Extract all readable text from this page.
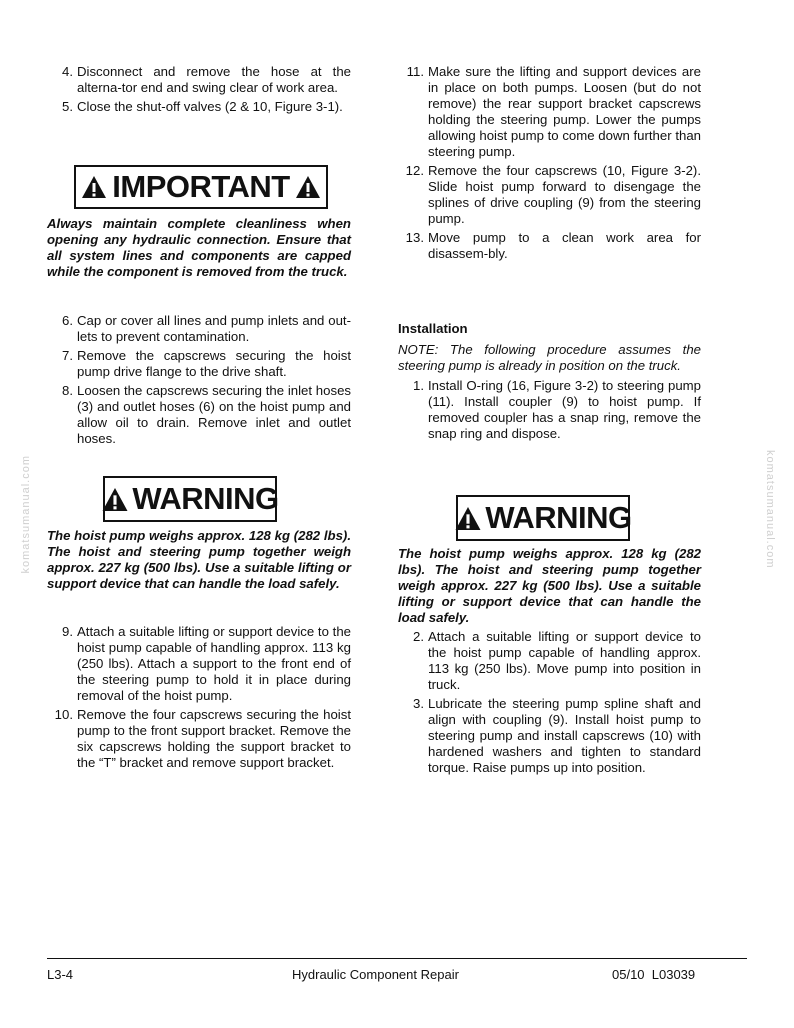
4. Disconnect and remove the hose at the alterna-tor end and swing clear of work area.
5. Close the shut-off valves (2 & 10, Figure 3-1).
IMPORTANT

Always maintain complete cleanliness when opening any hydraulic connection. Ensure that all system lines and components are capped while the component is removed from the truck.

6. Cap or cover all lines and pump inlets and out-lets to prevent contamination.
7. Remove the capscrews securing the hoist pump drive flange to the drive shaft.
8. Loosen the capscrews securing the inlet hoses (3) and outlet hoses (6) on the hoist pump and allow oil to drain. Remove inlet and outlet hoses.
WARNING

The hoist pump weighs approx. 128 kg (282 lbs). The hoist and steering pump together weigh approx. 227 kg (500 lbs). Use a suitable lifting or support device that can handle the load safely.

9. Attach a suitable lifting or support device to the hoist pump capable of handling approx. 113 kg (250 lbs). Attach a support to the front end of the steering pump to hold it in place during removal of the hoist pump.
10. Remove the four capscrews securing the hoist pump to the front support bracket. Remove the six capscrews holding the support bracket to the “T” bracket and remove support bracket.
11. Make sure the lifting and support devices are in place on both pumps. Loosen (but do not remove) the rear support bracket capscrews holding the steering pump. Lower the pumps allowing hoist pump to come down further than steering pump.
12. Remove the four capscrews (10, Figure 3-2). Slide hoist pump forward to disengage the splines of drive coupling (9) from the steering pump.
13. Move pump to a clean work area for disassem-bly.

Installation

NOTE: The following procedure assumes the steering pump is already in position on the truck.

1. Install O-ring (16, Figure 3-2) to steering pump (11). Install coupler (9) to hoist pump. If removed coupler has a snap ring, remove the snap ring and dispose.
WARNING

The hoist pump weighs approx. 128 kg (282 lbs). The hoist and steering pump together weigh approx. 227 kg (500 lbs). Use a suitable lifting or support device that can handle the load safely.

2. Attach a suitable lifting or support device to the hoist pump capable of handling approx. 113 kg (250 lbs). Move pump into position in truck.
3. Lubricate the steering pump spline shaft and align with coupling (9). Install hoist pump to steering pump and install capscrews (10) with hardened washers and tighten to standard torque. Raise pumps up into position.
komatsumanual.com	komatsumanual.com
L3-4	Hydraulic Component Repair	05/10  L03039
